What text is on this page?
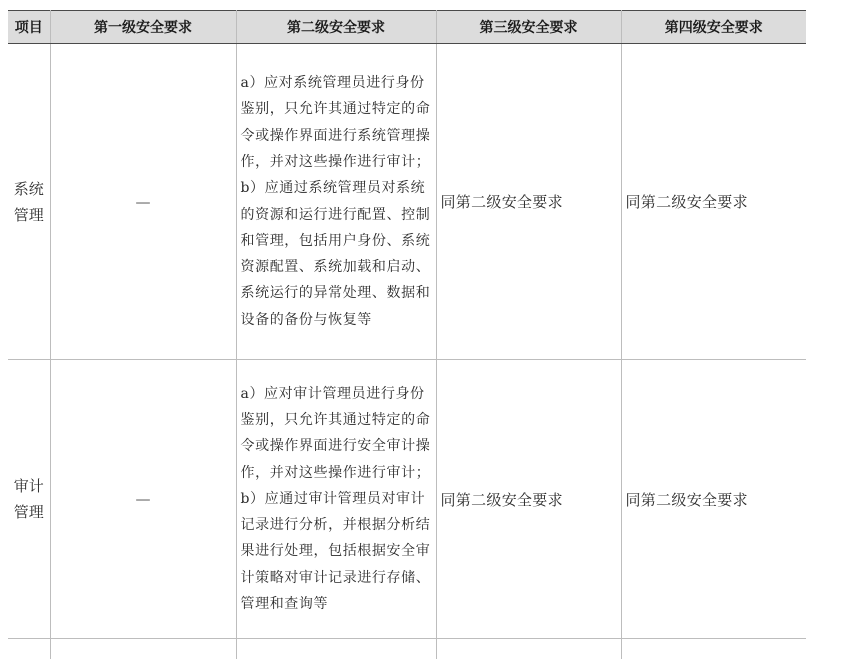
项目	第一级安全要求	第二级安全要求	第三级安全要求	第四级安全要求
系统管理	—	a）应对系统管理员进行身份鉴别，只允许其通过特定的命令或操作界面进行系统管理操作，并对这些操作进行审计；b）应通过系统管理员对系统的资源和运行进行配置、控制和管理，包括用户身份、系统资源配置、系统加载和启动、系统运行的异常处理、数据和设备的备份与恢复等	同第二级安全要求	同第二级安全要求
审计管理	—	a）应对审计管理员进行身份鉴别，只允许其通过特定的命令或操作界面进行安全审计操作，并对这些操作进行审计；b）应通过审计管理员对审计记录进行分析，并根据分析结果进行处理，包括根据安全审计策略对审计记录进行存储、管理和查询等	同第二级安全要求	同第二级安全要求
